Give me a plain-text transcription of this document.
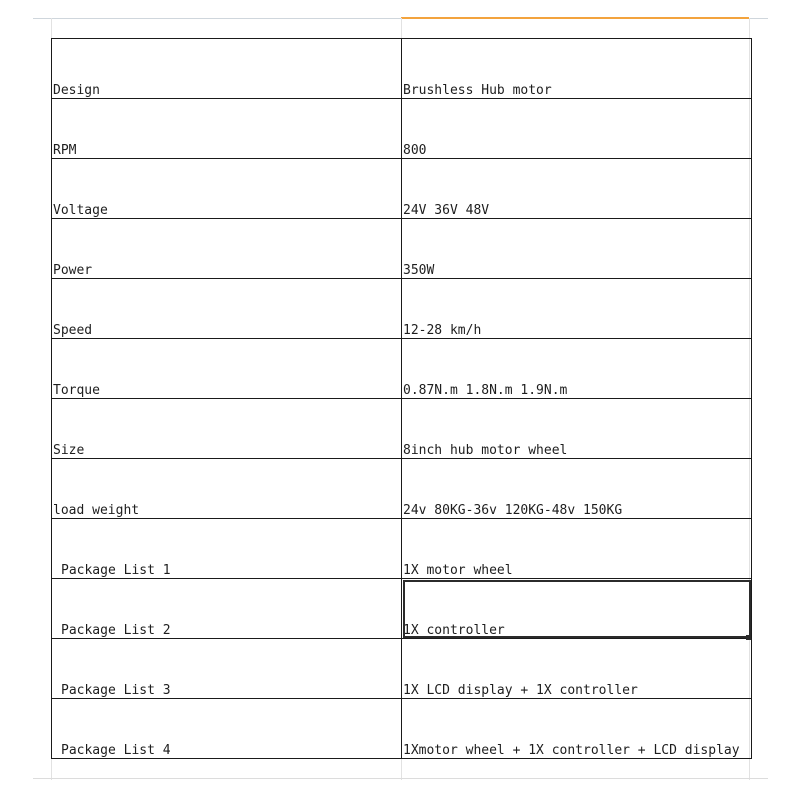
Design	Brushless Hub motor
RPM	800
Voltage	24V 36V 48V
Power	350W
Speed	12-28 km/h
Torque	0.87N.m 1.8N.m 1.9N.m
Size	8inch hub motor wheel
load weight	24v 80KG-36v 120KG-48v 150KG
Package List 1	1X motor wheel
Package List 2	1X controller
Package List 3	1X LCD display + 1X controller
Package List 4	1Xmotor wheel + 1X controller + LCD display
